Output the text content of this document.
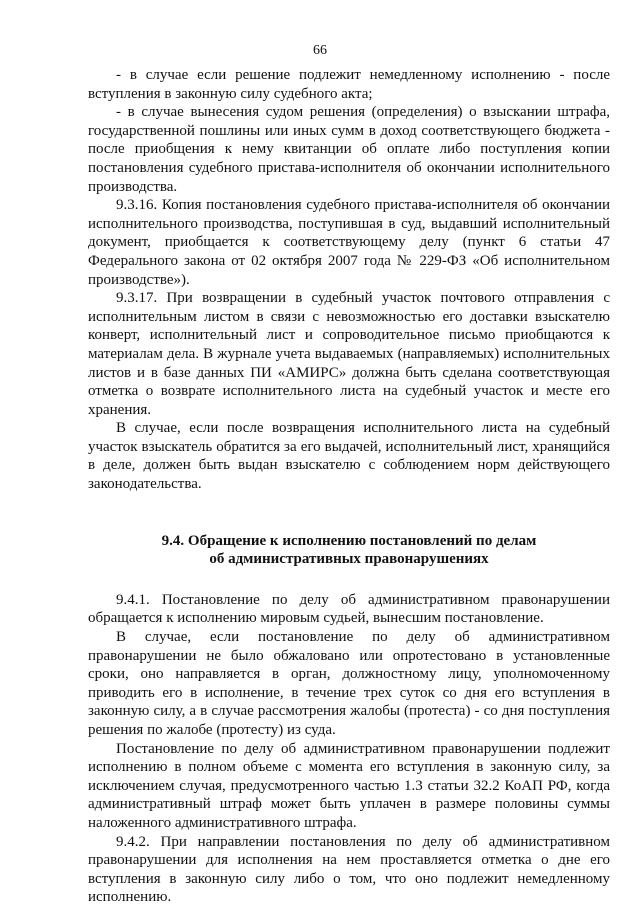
66

- в случае если решение подлежит немедленному исполнению - после вступления в законную силу судебного акта;

- в случае вынесения судом решения (определения) о взыскании штрафа, государственной пошлины или иных сумм в доход соответствующего бюджета - после приобщения к нему квитанции об оплате либо поступления копии постановления судебного пристава-исполнителя об окончании исполнительного производства.

9.3.16. Копия постановления судебного пристава-исполнителя об окончании исполнительного производства, поступившая в суд, выдавший исполнительный документ, приобщается к соответствующему делу (пункт 6 статьи 47 Федерального закона от 02 октября 2007 года № 229-ФЗ «Об исполнительном производстве»).

9.3.17. При возвращении в судебный участок почтового отправления с исполнительным листом в связи с невозможностью его доставки взыскателю конверт, исполнительный лист и сопроводительное письмо приобщаются к материалам дела. В журнале учета выдаваемых (направляемых) исполнительных листов и в базе данных ПИ «АМИРС» должна быть сделана соответствующая отметка о возврате исполнительного листа на судебный участок и месте его хранения.

В случае, если после возвращения исполнительного листа на судебный участок взыскатель обратится за его выдачей, исполнительный лист, хранящийся в деле, должен быть выдан взыскателю с соблюдением норм действующего законодательства.

9.4. Обращение к исполнению постановлений по делам
об административных правонарушениях

9.4.1. Постановление по делу об административном правонарушении обращается к исполнению мировым судьей, вынесшим постановление.

В случае, если постановление по делу об административном правонарушении не было обжаловано или опротестовано в установленные сроки, оно направляется в орган, должностному лицу, уполномоченному приводить его в исполнение, в течение трех суток со дня его вступления в законную силу, а в случае рассмотрения жалобы (протеста) - со дня поступления решения по жалобе (протесту) из суда.

Постановление по делу об административном правонарушении подлежит исполнению в полном объеме с момента его вступления в законную силу, за исключением случая, предусмотренного частью 1.3 статьи 32.2 КоАП РФ, когда административный штраф может быть уплачен в размере половины суммы наложенного административного штрафа.

9.4.2. При направлении постановления по делу об административном правонарушении для исполнения на нем проставляется отметка о дне его вступления в законную силу либо о том, что оно подлежит немедленному исполнению.
